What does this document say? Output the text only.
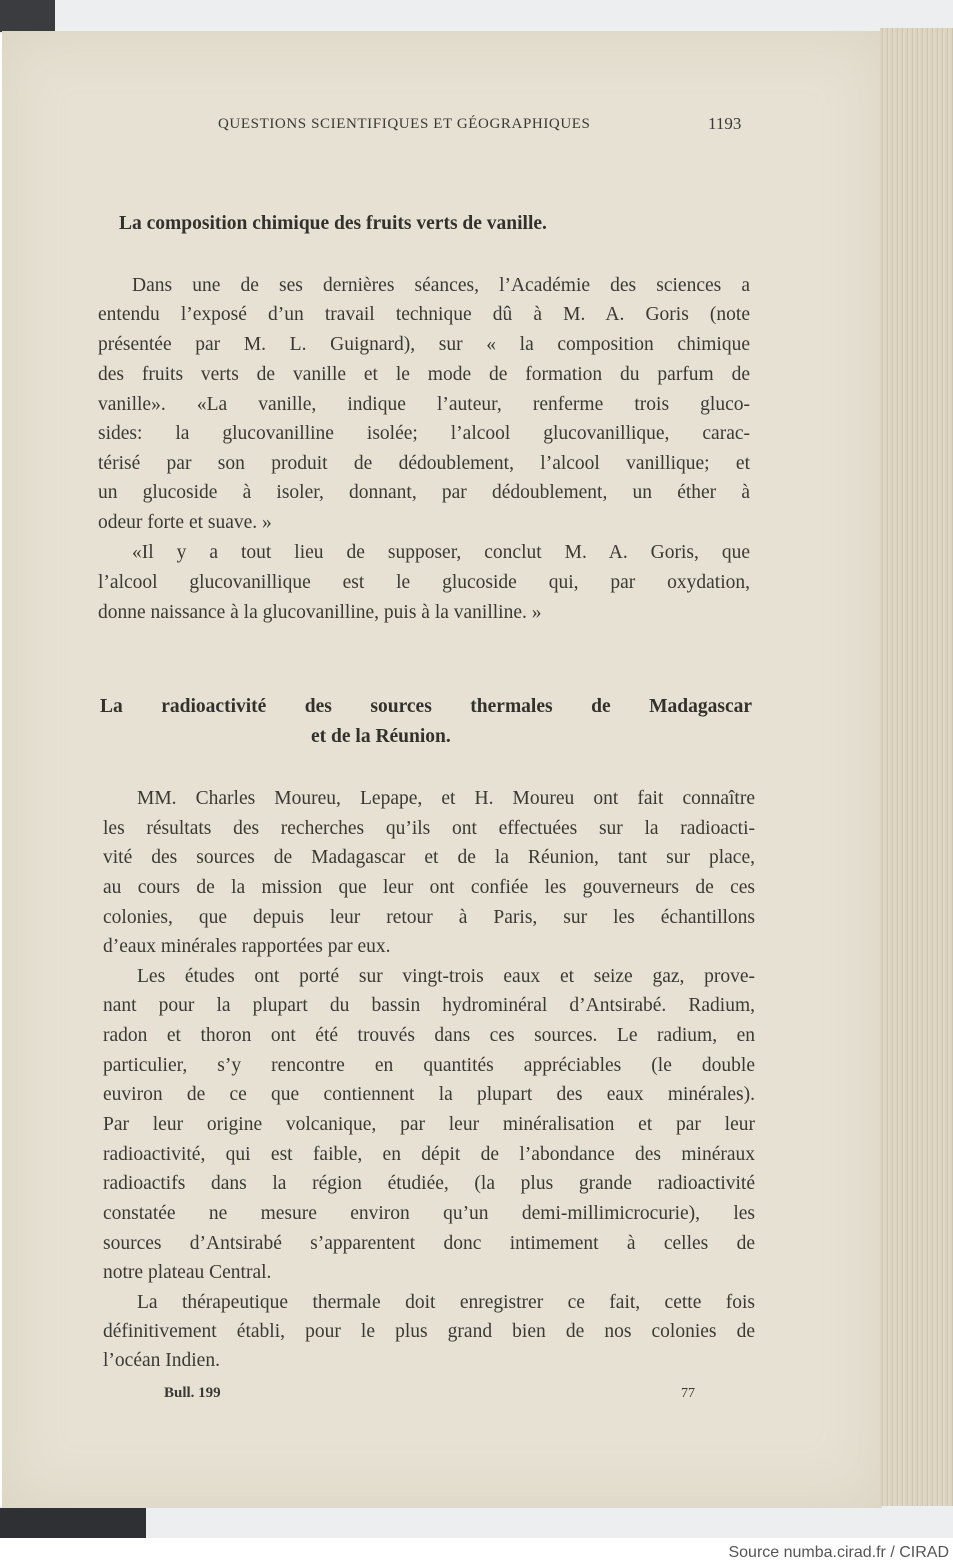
QUESTIONS SCIENTIFIQUES ET GÉOGRAPHIQUES	1193
La composition chimique des fruits verts de vanille.
Dans une de ses dernières séances, l’Académie des sciences a
entendu l’exposé d’un travail technique dû à M. A. Goris (note
présentée par M. L. Guignard), sur « la composition chimique
des fruits verts de vanille et le mode de formation du parfum de
vanille». «La vanille, indique l’auteur, renferme trois gluco-
sides: la glucovanilline isolée; l’alcool glucovanillique, carac-
térisé par son produit de dédoublement, l’alcool vanillique; et
un glucoside à isoler, donnant, par dédoublement, un éther à
odeur forte et suave. »
«Il y a tout lieu de supposer, conclut M. A. Goris, que
l’alcool glucovanillique est le glucoside qui, par oxydation,
donne naissance à la glucovanilline, puis à la vanilline. »
La radioactivité des sources thermales de Madagascar
et de la Réunion.
MM. Charles Moureu, Lepape, et H. Moureu ont fait connaître
les résultats des recherches qu’ils ont effectuées sur la radioacti-
vité des sources de Madagascar et de la Réunion, tant sur place,
au cours de la mission que leur ont confiée les gouverneurs de ces
colonies, que depuis leur retour à Paris, sur les échantillons
d’eaux minérales rapportées par eux.
Les études ont porté sur vingt-trois eaux et seize gaz, prove-
nant pour la plupart du bassin hydrominéral d’Antsirabé. Radium,
radon et thoron ont été trouvés dans ces sources. Le radium, en
particulier, s’y rencontre en quantités appréciables (le double
euviron de ce que contiennent la plupart des eaux minérales).
Par leur origine volcanique, par leur minéralisation et par leur
radioactivité, qui est faible, en dépit de l’abondance des minéraux
radioactifs dans la région étudiée, (la plus grande radioactivité
constatée ne mesure environ qu’un demi-millimicrocurie), les
sources d’Antsirabé s’apparentent donc intimement à celles de
notre plateau Central.
La thérapeutique thermale doit enregistrer ce fait, cette fois
définitivement établi, pour le plus grand bien de nos colonies de
l’océan Indien.
Bull. 199	77
Source numba.cirad.fr / CIRAD
